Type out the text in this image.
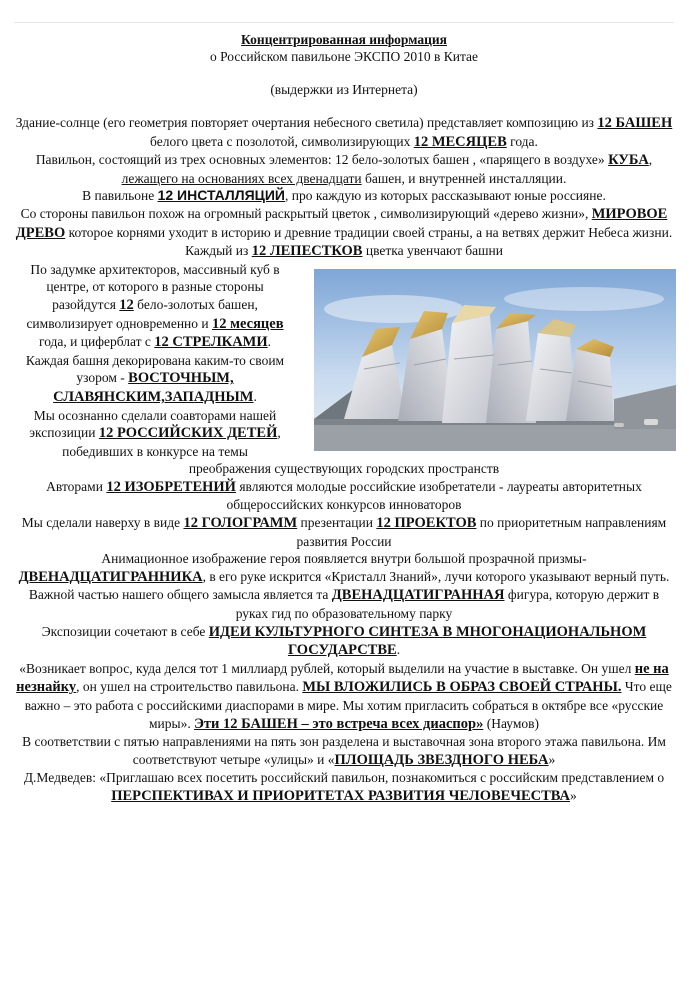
Концентрированная информация
о Российском павильоне ЭКСПО 2010 в Китае
(выдержки из Интернета)

Здание-солнце (его геометрия повторяет очертания небесного светила) представляет композицию из 12 БАШЕН белого цвета с позолотой, символизирующих 12 МЕСЯЦЕВ года.

Павильон, состоящий из трех основных элементов: 12 бело-золотых башен , «парящего в воздухе» КУБА, лежащего на основаниях всех двенадцати башен, и внутренней инсталляции.

В павильоне 12 ИНСТАЛЛЯЦИЙ, про каждую из которых рассказывают юные россияне.

Со стороны павильон похож на огромный раскрытый цветок , символизирующий «дерево жизни», МИРОВОЕ ДРЕВО которое корнями уходит в историю и древние традиции своей страны, а на ветвях держит Небеса жизни. Каждый из 12 ЛЕПЕСТКОВ цветка увенчают башни

По задумке архитекторов, массивный куб в центре, от которого в разные стороны разойдутся 12 бело-золотых башен, символизирует одновременно и 12 месяцев года, и циферблат с 12 СТРЕЛКАМИ.

Каждая башня декорирована каким-то своим узором - ВОСТОЧНЫМ, СЛАВЯНСКИМ,ЗАПАДНЫМ.

Мы осознанно сделали соавторами нашей экспозиции 12 РОССИЙСКИХ ДЕТЕЙ, победивших в конкурсе на темы

преображения существующих городских пространств

Авторами 12 ИЗОБРЕТЕНИЙ являются молодые российские изобретатели - лауреаты авторитетных общероссийских конкурсов инноваторов

Мы сделали наверху в виде 12 ГОЛОГРАММ презентации 12 ПРОЕКТОВ по приоритетным направлениям развития России

Анимационное изображение героя появляется внутри большой прозрачной призмы-ДВЕНАДЦАТИГРАННИКА, в его руке искрится «Кристалл Знаний», лучи которого указывают верный путь.

Важной частью нашего общего замысла является та ДВЕНАДЦАТИГРАННАЯ фигура, которую держит в руках гид по образовательному парку

Экспозиции сочетают в себе ИДЕИ КУЛЬТУРНОГО СИНТЕЗА В МНОГОНАЦИОНАЛЬНОМ ГОСУДАРСТВЕ.

«Возникает вопрос, куда делся тот 1 миллиард рублей, который выделили на участие в выставке. Он ушел не на незнайку, он ушел на строительство павильона. МЫ ВЛОЖИЛИСЬ В ОБРАЗ СВОЕЙ СТРАНЫ. Что еще важно – это работа с российскими диаспорами в мире. Мы хотим пригласить собраться в октябре все «русские миры». Эти 12 БАШЕН – это встреча всех диаспор» (Наумов)

В соответствии с пятью направлениями на пять зон разделена и выставочная зона второго этажа павильона. Им соответствуют четыре «улицы» и «ПЛОЩАДЬ ЗВЕЗДНОГО НЕБА»

Д.Медведев: «Приглашаю всех посетить российский павильон, познакомиться с российским представлением о ПЕРСПЕКТИВАХ И ПРИОРИТЕТАХ РАЗВИТИЯ ЧЕЛОВЕЧЕСТВА»
